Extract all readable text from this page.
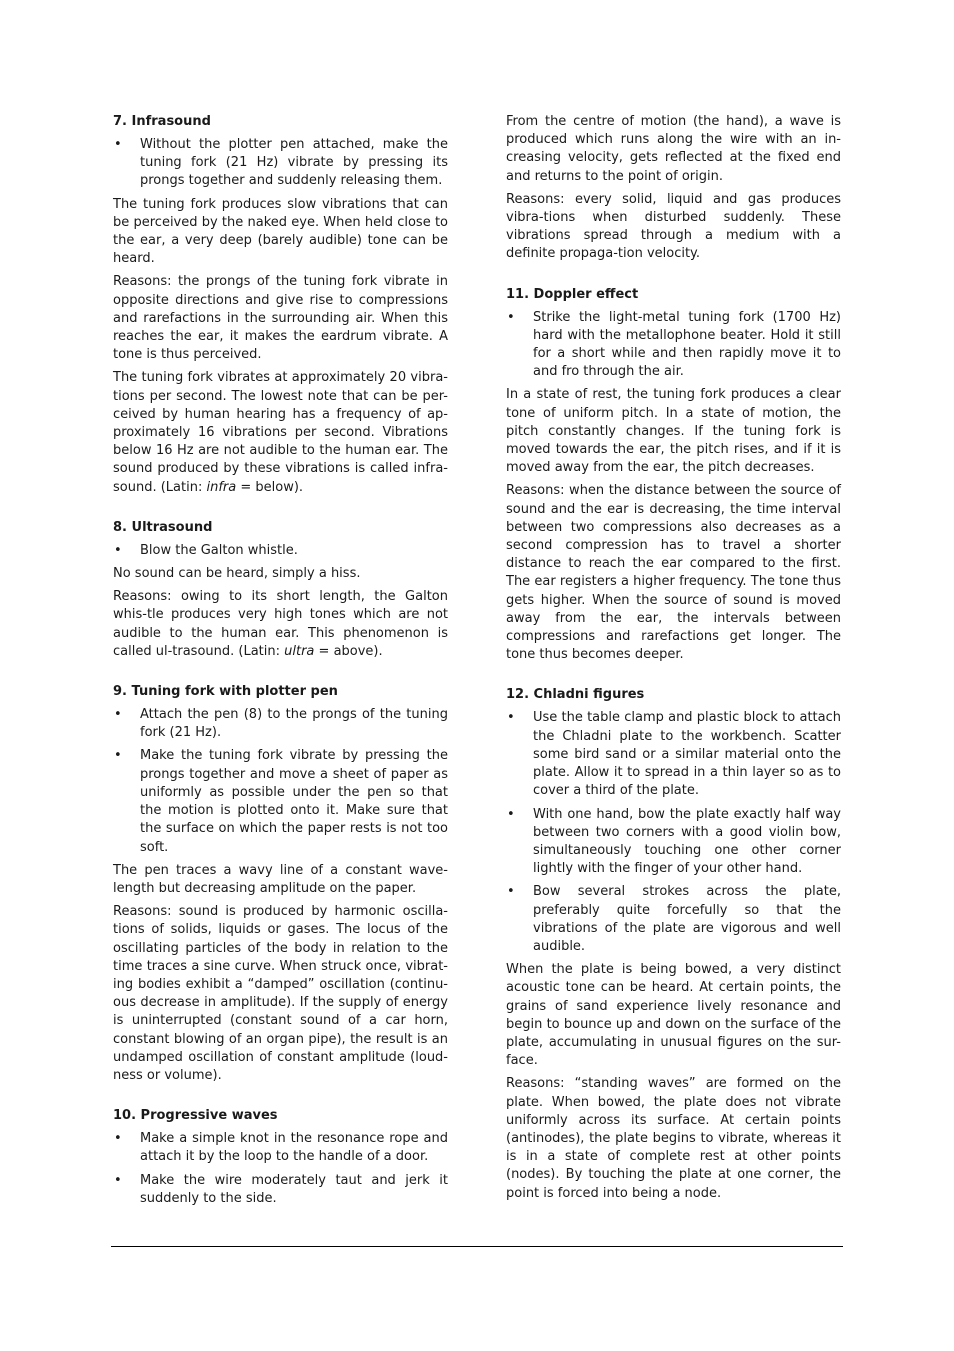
7. Infrasound
• Without the plotter pen attached, make the tuning fork (21 Hz) vibrate by pressing its prongs together and suddenly releasing them.

The tuning fork produces slow vibrations that can be perceived by the naked eye. When held close to the ear, a very deep (barely audible) tone can be heard.

Reasons: the prongs of the tuning fork vibrate in opposite directions and give rise to compressions and rarefactions in the surrounding air. When this reaches the ear, it makes the eardrum vibrate. A tone is thus perceived.

The tuning fork vibrates at approximately 20 vibra-tions per second. The lowest note that can be per-ceived by human hearing has a frequency of ap-proximately 16 vibrations per second. Vibrations below 16 Hz are not audible to the human ear. The sound produced by these vibrations is called infra-sound. (Latin: infra = below).

8. Ultrasound
• Blow the Galton whistle.

No sound can be heard, simply a hiss.

Reasons: owing to its short length, the Galton whis-tle produces very high tones which are not audible to the human ear. This phenomenon is called ul-trasound. (Latin: ultra = above).

9. Tuning fork with plotter pen
• Attach the pen (8) to the prongs of the tuning fork (21 Hz).
• Make the tuning fork vibrate by pressing the prongs together and move a sheet of paper as uniformly as possible under the pen so that the motion is plotted onto it. Make sure that the surface on which the paper rests is not too soft.

The pen traces a wavy line of a constant wave-length but decreasing amplitude on the paper.

Reasons: sound is produced by harmonic oscilla-tions of solids, liquids or gases. The locus of the oscillating particles of the body in relation to the time traces a sine curve. When struck once, vibrat-ing bodies exhibit a “damped” oscillation (continu-ous decrease in amplitude). If the supply of energy is uninterrupted (constant sound of a car horn, constant blowing of an organ pipe), the result is an undamped oscillation of constant amplitude (loud-ness or volume).

10. Progressive waves
• Make a simple knot in the resonance rope and attach it by the loop to the handle of a door.
• Make the wire moderately taut and jerk it suddenly to the side.

From the centre of motion (the hand), a wave is produced which runs along the wire with an in-creasing velocity, gets reflected at the fixed end and returns to the point of origin.

Reasons: every solid, liquid and gas produces vibra-tions when disturbed suddenly. These vibrations spread through a medium with a definite propaga-tion velocity.

11. Doppler effect
• Strike the light-metal tuning fork (1700 Hz) hard with the metallophone beater. Hold it still for a short while and then rapidly move it to and fro through the air.

In a state of rest, the tuning fork produces a clear tone of uniform pitch. In a state of motion, the pitch constantly changes. If the tuning fork is moved towards the ear, the pitch rises, and if it is moved away from the ear, the pitch decreases.

Reasons: when the distance between the source of sound and the ear is decreasing, the time interval between two compressions also decreases as a second compression has to travel a shorter distance to reach the ear compared to the first. The ear registers a higher frequency. The tone thus gets higher. When the source of sound is moved away from the ear, the intervals between compressions and rarefactions get longer. The tone thus becomes deeper.

12. Chladni figures
• Use the table clamp and plastic block to attach the Chladni plate to the workbench. Scatter some bird sand or a similar material onto the plate. Allow it to spread in a thin layer so as to cover a third of the plate.
• With one hand, bow the plate exactly half way between two corners with a good violin bow, simultaneously touching one other corner lightly with the finger of your other hand.
• Bow several strokes across the plate, preferably quite forcefully so that the vibrations of the plate are vigorous and well audible.

When the plate is being bowed, a very distinct acoustic tone can be heard. At certain points, the grains of sand experience lively resonance and begin to bounce up and down on the surface of the plate, accumulating in unusual figures on the sur-face.

Reasons: “standing waves” are formed on the plate. When bowed, the plate does not vibrate uniformly across its surface. At certain points (antinodes), the plate begins to vibrate, whereas it is in a state of complete rest at other points (nodes). By touching the plate at one corner, the point is forced into being a node.
